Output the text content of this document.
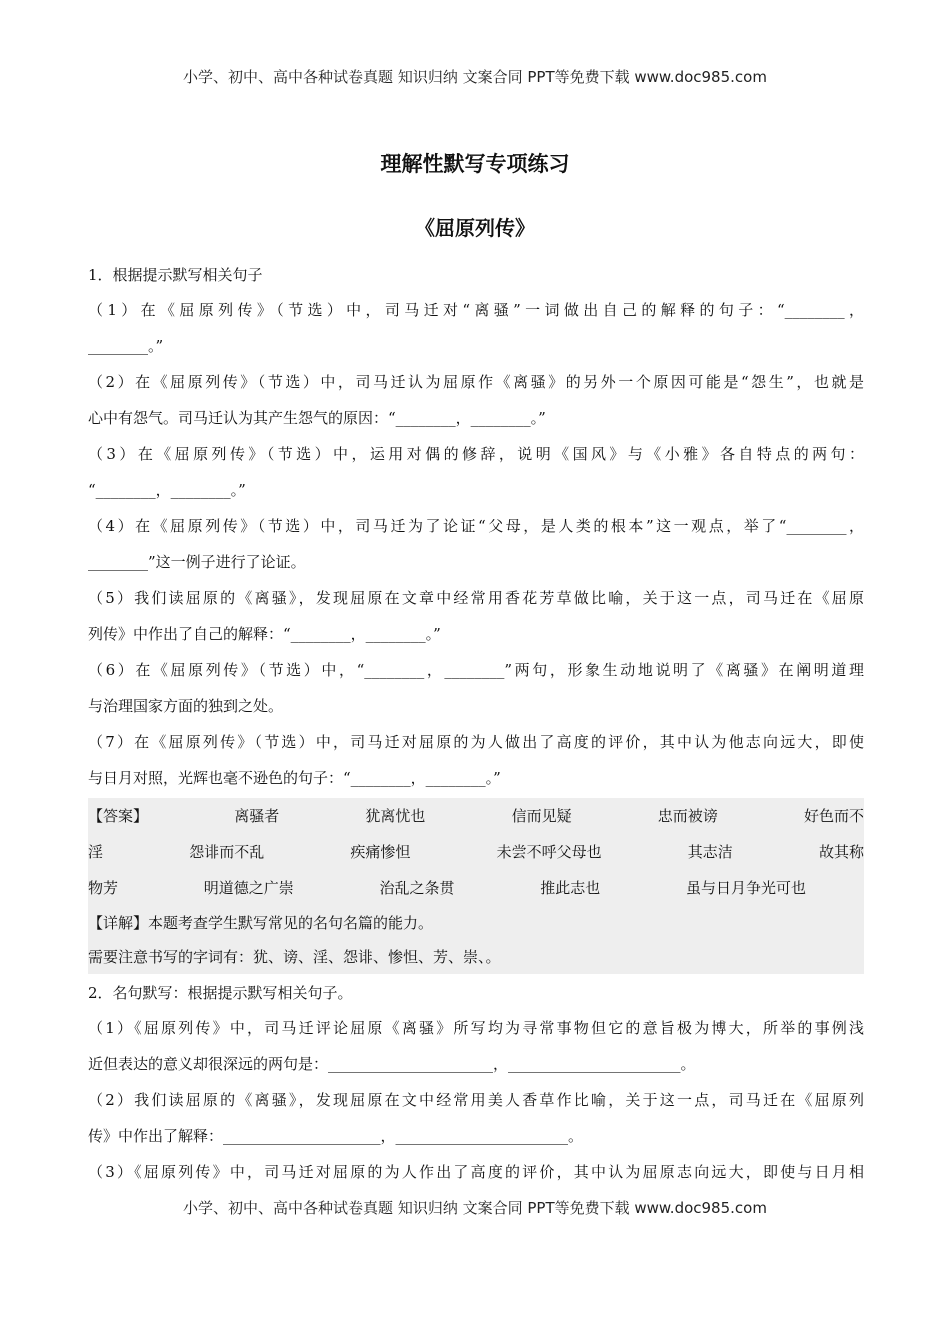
小学、初中、高中各种试卷真题 知识归纳 文案合同 PPT等免费下载 www.doc985.com
理解性默写专项练习
《屈原列传》

1．根据提示默写相关句子

（1）在《屈原列传》（节选）中，司马迁对“离骚”一词做出自己的解释的句子：“________，

________。”

（2）在《屈原列传》（节选）中，司马迁认为屈原作《离骚》的另外一个原因可能是“怨生”，也就是

心中有怨气。司马迁认为其产生怨气的原因：“________，________。”

（3）在《屈原列传》（节选）中，运用对偶的修辞，说明《国风》与《小雅》各自特点的两句：

“________，________。”

（4）在《屈原列传》（节选）中，司马迁为了论证“父母，是人类的根本”这一观点，举了“________，

________”这一例子进行了论证。

（5）我们读屈原的《离骚》，发现屈原在文章中经常用香花芳草做比喻，关于这一点，司马迁在《屈原

列传》中作出了自己的解释：“________，________。”

（6）在《屈原列传》（节选）中，“________，________”两句，形象生动地说明了《离骚》在阐明道理

与治理国家方面的独到之处。

（7）在《屈原列传》（节选）中，司马迁对屈原的为人做出了高度的评价，其中认为他志向远大，即使

与日月对照，光辉也毫不逊色的句子：“________，________。”

【答案】	离骚者	犹离忧也	信而见疑	忠而被谤	好色而不
淫	怨诽而不乱	疾痛惨怛	未尝不呼父母也	其志洁	故其称
物芳	明道德之广崇	治乱之条贯	推此志也	虽与日月争光可也

【详解】本题考查学生默写常见的名句名篇的能力。

需要注意书写的字词有：犹、谤、淫、怨诽、惨怛、芳、崇、。

2．名句默写：根据提示默写相关句子。

（1）《屈原列传》中，司马迁评论屈原《离骚》所写均为寻常事物但它的意旨极为博大，所举的事例浅

近但表达的意义却很深远的两句是：______________________，_______________________。

（2）我们读屈原的《离骚》，发现屈原在文中经常用美人香草作比喻，关于这一点，司马迁在《屈原列

传》中作出了解释：_____________________，_______________________。

（3）《屈原列传》中，司马迁对屈原的为人作出了高度的评价，其中认为屈原志向远大，即使与日月相

小学、初中、高中各种试卷真题 知识归纳 文案合同 PPT等免费下载 www.doc985.com
